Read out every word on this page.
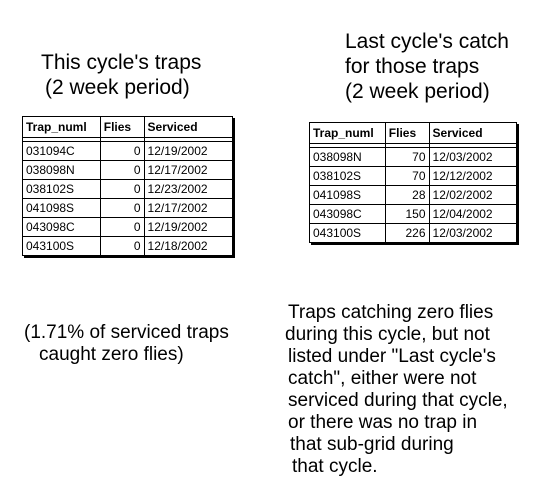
This cycle's traps
(2 week period)
Last cycle's catch
for those traps
(2 week period)
Trap_numl	Flies	Serviced

031094C	0	12/19/2002
038098N	0	12/17/2002
038102S	0	12/23/2002
041098S	0	12/17/2002
043098C	0	12/19/2002
043100S	0	12/18/2002
Trap_numl	Flies	Serviced

038098N	70	12/03/2002
038102S	70	12/12/2002
041098S	28	12/02/2002
043098C	150	12/04/2002
043100S	226	12/03/2002
(1.71% of serviced traps
caught zero flies)
Traps catching zero flies
during this cycle, but not
listed under "Last cycle's
catch", either were not
serviced during that cycle,
or there was no trap in
that sub-grid during
that cycle.
